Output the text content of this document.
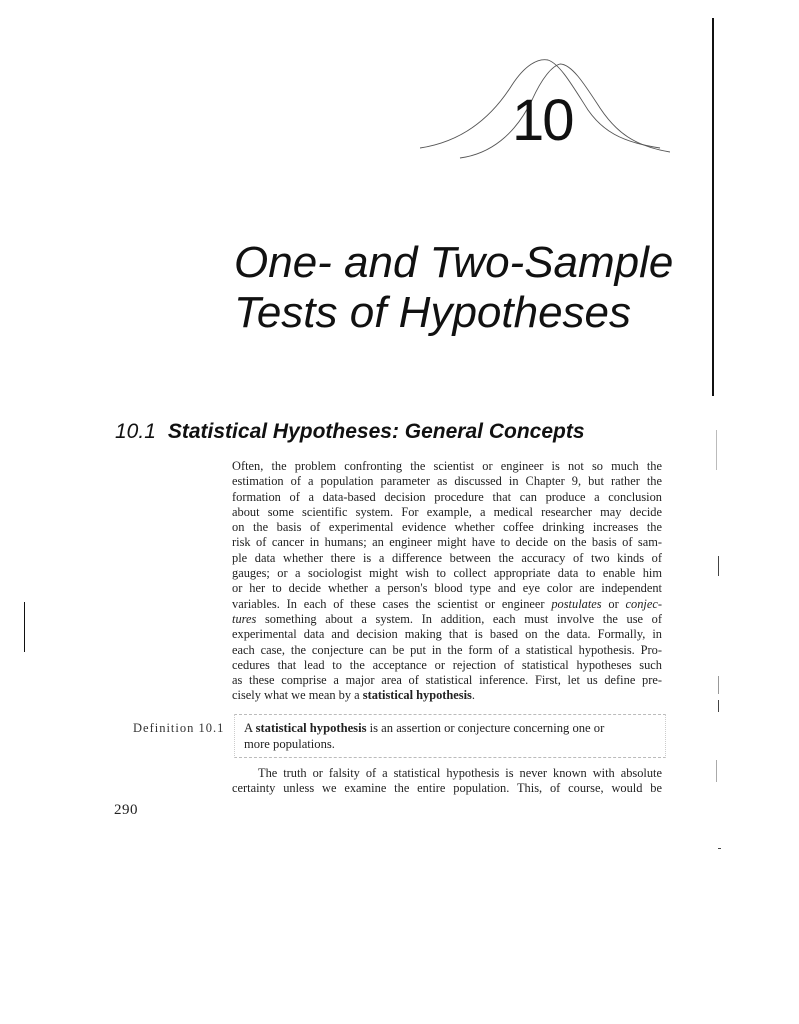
10
One- and Two-Sample
Tests of Hypotheses
10.1 Statistical Hypotheses: General Concepts
Often, the problem confronting the scientist or engineer is not so much the
estimation of a population parameter as discussed in Chapter 9, but rather the
formation of a data-based decision procedure that can produce a conclusion
about some scientific system. For example, a medical researcher may decide
on the basis of experimental evidence whether coffee drinking increases the
risk of cancer in humans; an engineer might have to decide on the basis of sam-
ple data whether there is a difference between the accuracy of two kinds of
gauges; or a sociologist might wish to collect appropriate data to enable him
or her to decide whether a person's blood type and eye color are independent
variables. In each of these cases the scientist or engineer postulates or conjec-
tures something about a system. In addition, each must involve the use of
experimental data and decision making that is based on the data. Formally, in
each case, the conjecture can be put in the form of a statistical hypothesis. Pro-
cedures that lead to the acceptance or rejection of statistical hypotheses such
as these comprise a major area of statistical inference. First, let us define pre-
cisely what we mean by a statistical hypothesis.
Definition 10.1 A statistical hypothesis is an assertion or conjecture concerning one or
more populations.
The truth or falsity of a statistical hypothesis is never known with absolute
certainty unless we examine the entire population. This, of course, would be
290
